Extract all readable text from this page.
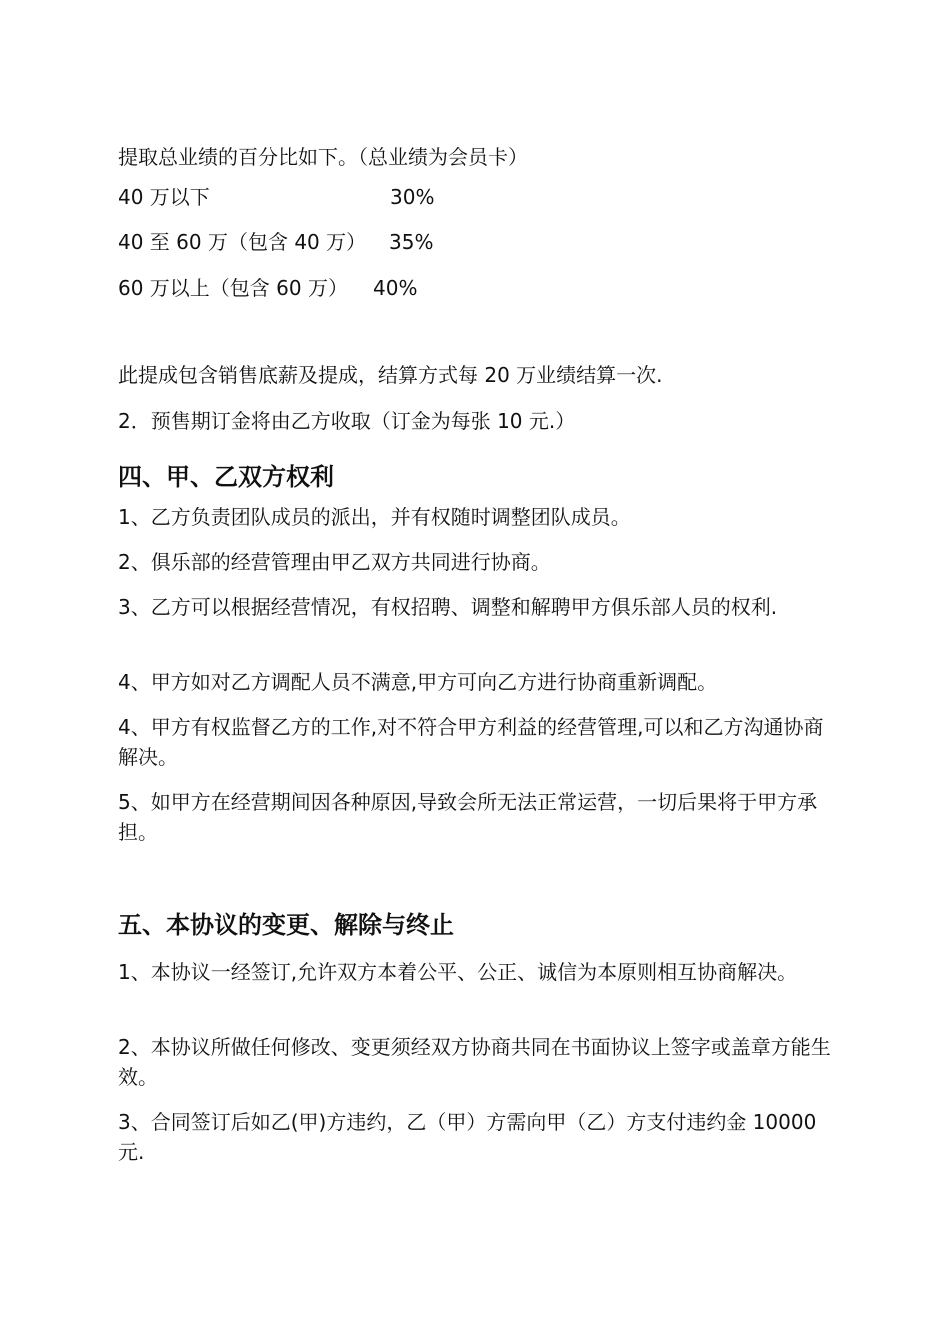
提取总业绩的百分比如下。（总业绩为会员卡）

40 万以下	30%
40 至 60 万（包含 40 万） 35%
60 万以上（包含 60 万） 40%

此提成包含销售底薪及提成，结算方式每 20 万业绩结算一次.

2．预售期订金将由乙方收取（订金为每张 10 元.）

四、甲、乙双方权利

1、乙方负责团队成员的派出，并有权随时调整团队成员。

2、俱乐部的经营管理由甲乙双方共同进行协商。

3、乙方可以根据经营情况，有权招聘、调整和解聘甲方俱乐部人员的权利.

4、甲方如对乙方调配人员不满意,甲方可向乙方进行协商重新调配。

4、甲方有权监督乙方的工作,对不符合甲方利益的经营管理,可以和乙方沟通协商解决。

5、如甲方在经营期间因各种原因,导致会所无法正常运营，一切后果将于甲方承担。

五、本协议的变更、解除与终止

1、本协议一经签订,允许双方本着公平、公正、诚信为本原则相互协商解决。

2、本协议所做任何修改、变更须经双方协商共同在书面协议上签字或盖章方能生效。

3、合同签订后如乙(甲)方违约，乙（甲）方需向甲（乙）方支付违约金 10000 元.
